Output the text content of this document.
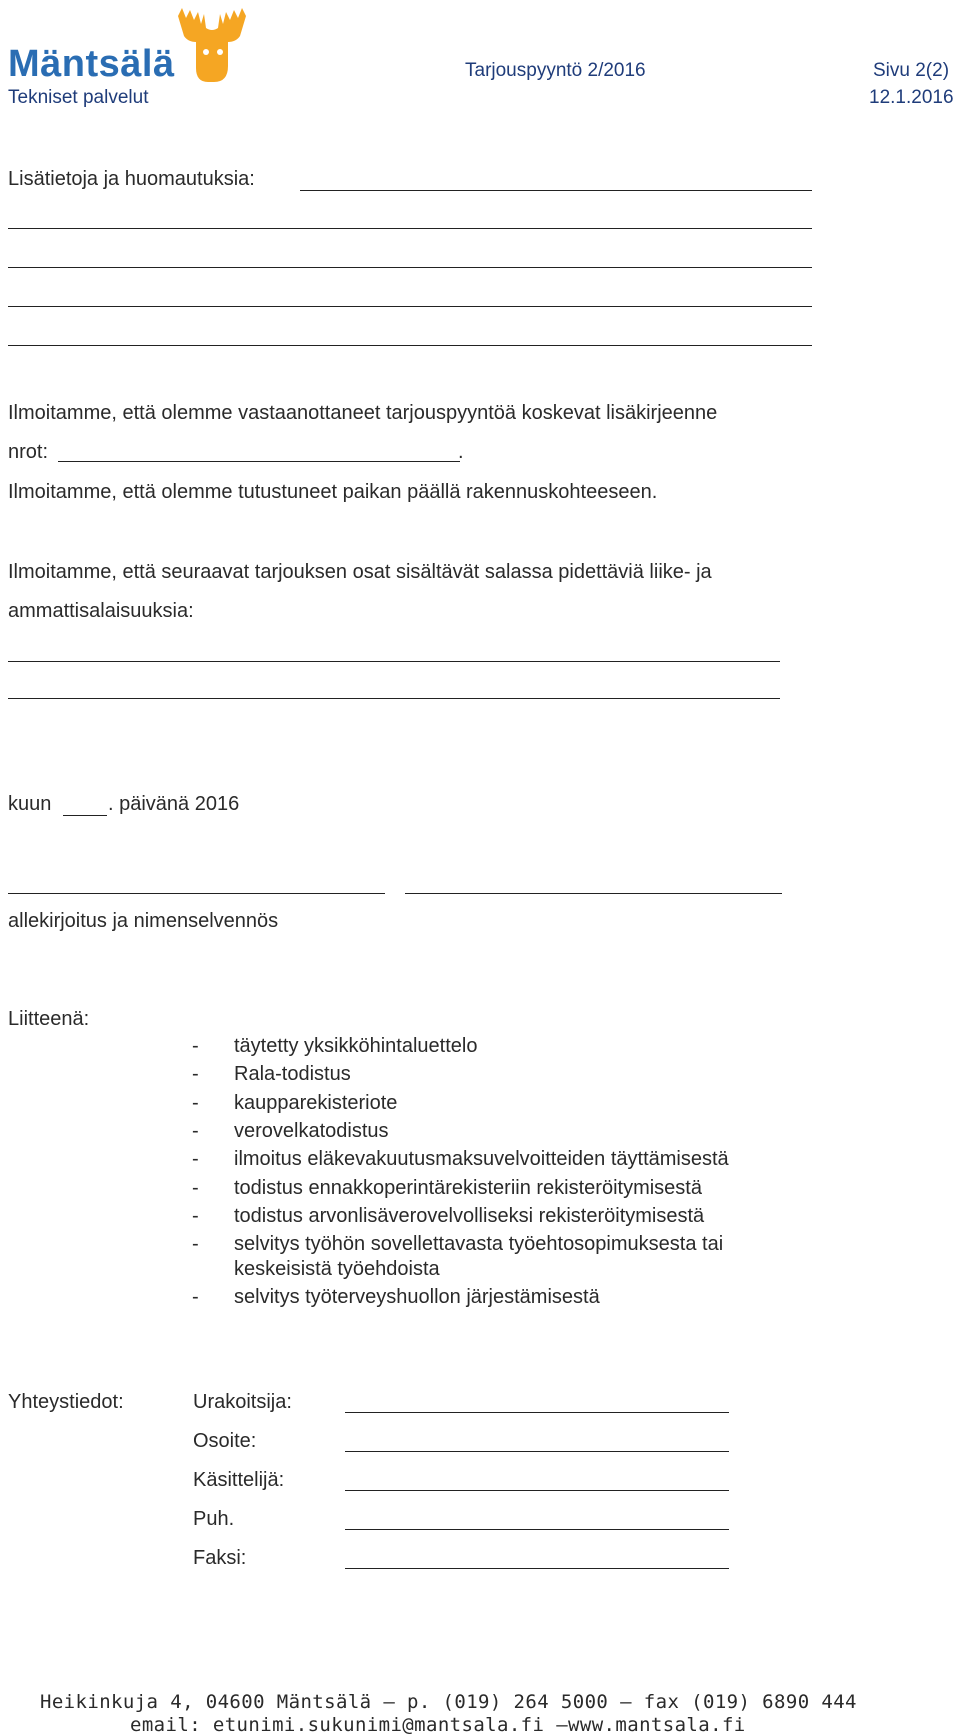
Mäntsälä
Tekniset palvelut
Tarjouspyyntö 2/2016	Sivu 2(2)
12.1.2016
Lisätietoja ja huomautuksia:
Ilmoitamme, että olemme vastaanottaneet tarjouspyyntöä koskevat lisäkirjeenne
nrot:	.
Ilmoitamme, että olemme tutustuneet paikan päällä rakennuskohteeseen.
Ilmoitamme, että seuraavat tarjouksen osat sisältävät salassa pidettäviä liike- ja
ammattisalaisuuksia:
kuun	. päivänä 2016
allekirjoitus ja nimenselvennös
Liitteenä:
- täytetty yksikköhintaluettelo
- Rala-todistus
- kaupparekisteriote
- verovelkatodistus
- ilmoitus eläkevakuutusmaksuvelvoitteiden täyttämisestä
- todistus ennakkoperintärekisteriin rekisteröitymisestä
- todistus arvonlisäverovelvolliseksi rekisteröitymisestä
- selvitys työhön sovellettavasta työehtosopimuksesta tai
keskeisistä työehdoista
- selvitys työterveyshuollon järjestämisestä
Yhteystiedot:	Urakoitsija:
Osoite:
Käsittelijä:
Puh.
Faksi:
Heikinkuja 4, 04600 Mäntsälä — p. (019) 264 5000 — fax (019) 6890 444
email: etunimi.sukunimi@mantsala.fi —www.mantsala.fi
